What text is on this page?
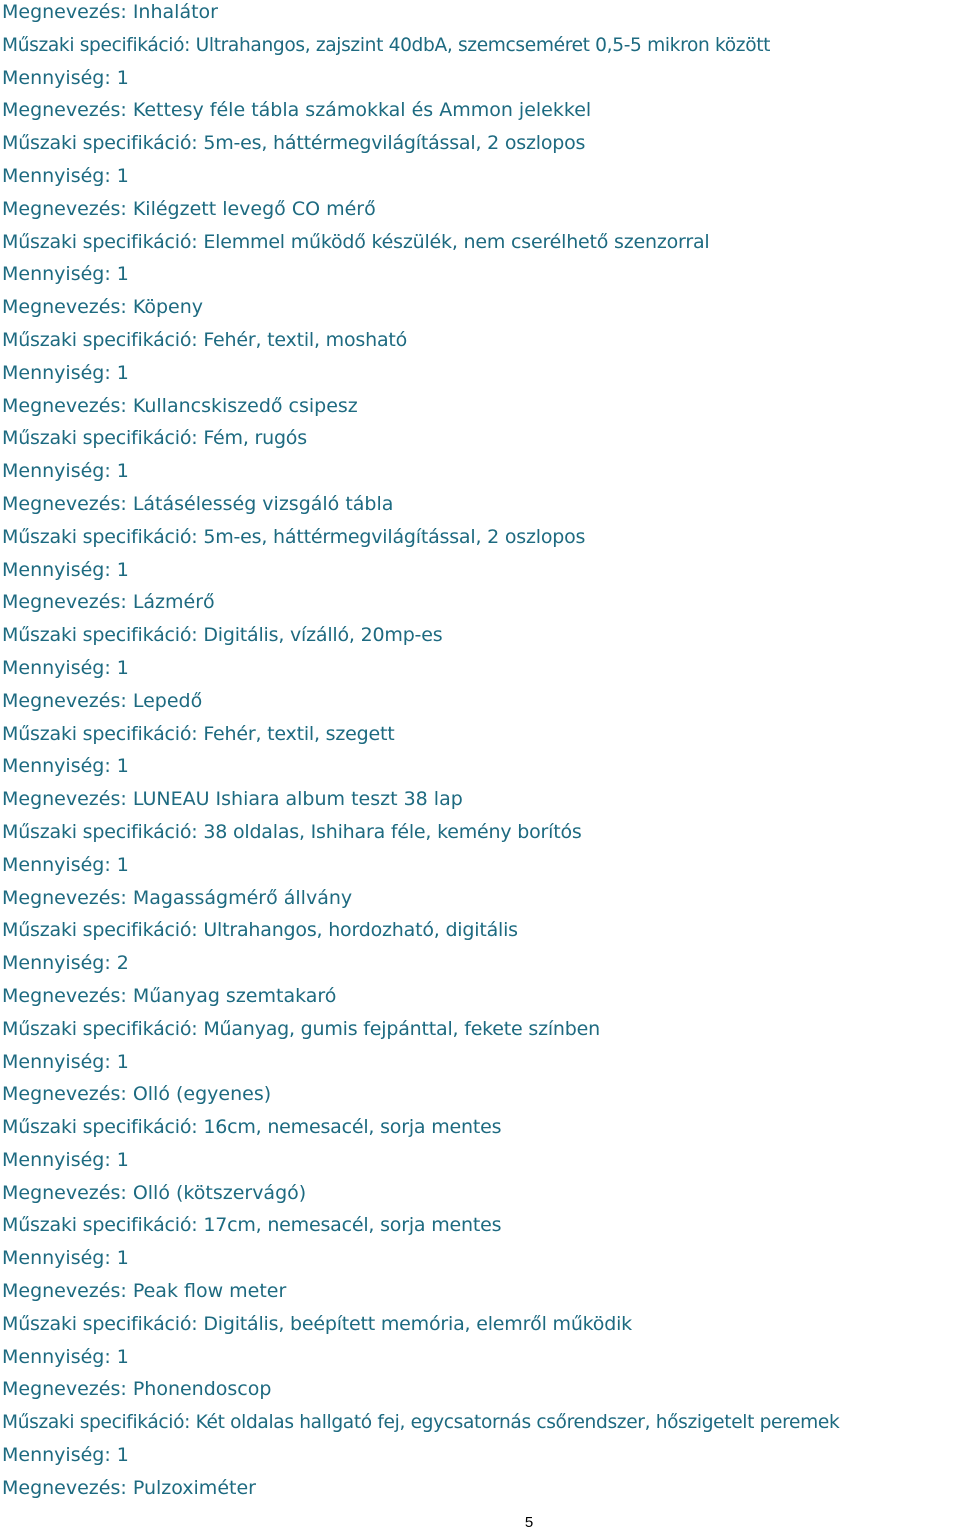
Megnevezés: Inhalátor
Műszaki specifikáció: Ultrahangos, zajszint 40dbA, szemcseméret 0,5-5 mikron között
Mennyiség: 1
Megnevezés: Kettesy féle tábla számokkal és Ammon jelekkel
Műszaki specifikáció: 5m-es, háttérmegvilágítással, 2 oszlopos
Mennyiség: 1
Megnevezés: Kilégzett levegő CO mérő
Műszaki specifikáció: Elemmel működő készülék, nem cserélhető szenzorral
Mennyiség: 1
Megnevezés: Köpeny
Műszaki specifikáció: Fehér, textil, mosható
Mennyiség: 1
Megnevezés: Kullancskiszedő csipesz
Műszaki specifikáció: Fém, rugós
Mennyiség: 1
Megnevezés: Látásélesség vizsgáló tábla
Műszaki specifikáció: 5m-es, háttérmegvilágítással, 2 oszlopos
Mennyiség: 1
Megnevezés: Lázmérő
Műszaki specifikáció: Digitális, vízálló, 20mp-es
Mennyiség: 1
Megnevezés: Lepedő
Műszaki specifikáció: Fehér, textil, szegett
Mennyiség: 1
Megnevezés: LUNEAU Ishiara album teszt 38 lap
Műszaki specifikáció: 38 oldalas, Ishihara féle, kemény borítós
Mennyiség: 1
Megnevezés: Magasságmérő állvány
Műszaki specifikáció: Ultrahangos, hordozható, digitális
Mennyiség: 2
Megnevezés: Műanyag szemtakaró
Műszaki specifikáció: Műanyag, gumis fejpánttal, fekete színben
Mennyiség: 1
Megnevezés: Olló (egyenes)
Műszaki specifikáció: 16cm, nemesacél, sorja mentes
Mennyiség: 1
Megnevezés: Olló (kötszervágó)
Műszaki specifikáció: 17cm, nemesacél, sorja mentes
Mennyiség: 1
Megnevezés: Peak flow meter
Műszaki specifikáció: Digitális, beépített memória, elemről működik
Mennyiség: 1
Megnevezés: Phonendoscop
Műszaki specifikáció: Két oldalas hallgató fej, egycsatornás csőrendszer, hőszigetelt peremek
Mennyiség: 1
Megnevezés: Pulzoximéter
5
